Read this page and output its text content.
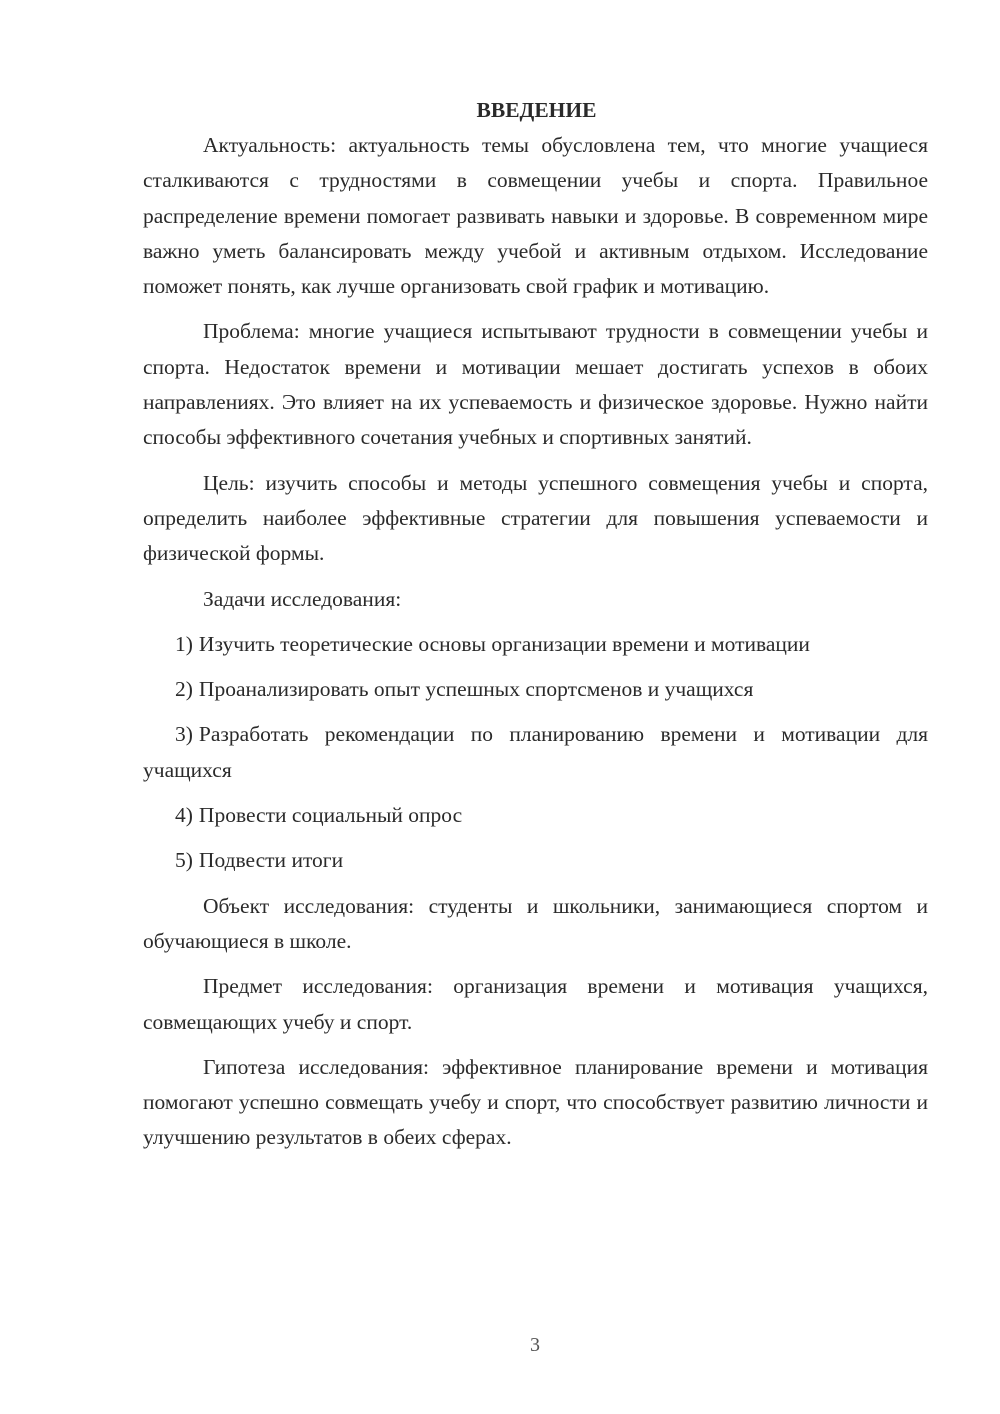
ВВЕДЕНИЕ

Актуальность: актуальность темы обусловлена тем, что многие учащиеся сталкиваются с трудностями в совмещении учебы и спорта. Правильное распределение времени помогает развивать навыки и здоровье. В современном мире важно уметь балансировать между учебой и активным отдыхом. Исследование поможет понять, как лучше организовать свой график и мотивацию.

Проблема: многие учащиеся испытывают трудности в совмещении учебы и спорта. Недостаток времени и мотивации мешает достигать успехов в обоих направлениях. Это влияет на их успеваемость и физическое здоровье. Нужно найти способы эффективного сочетания учебных и спортивных занятий.

Цель: изучить способы и методы успешного совмещения учебы и спорта, определить наиболее эффективные стратегии для повышения успеваемости и физической формы.

Задачи исследования:

1) Изучить теоретические основы организации времени и мотивации

2) Проанализировать опыт успешных спортсменов и учащихся

3) Разработать рекомендации по планированию времени и мотивации для учащихся

4) Провести социальный опрос

5) Подвести итоги

Объект исследования: студенты и школьники, занимающиеся спортом и обучающиеся в школе.

Предмет исследования: организация времени и мотивация учащихся, совмещающих учебу и спорт.

Гипотеза исследования: эффективное планирование времени и мотивация помогают успешно совмещать учебу и спорт, что способствует развитию личности и улучшению результатов в обеих сферах.

3
